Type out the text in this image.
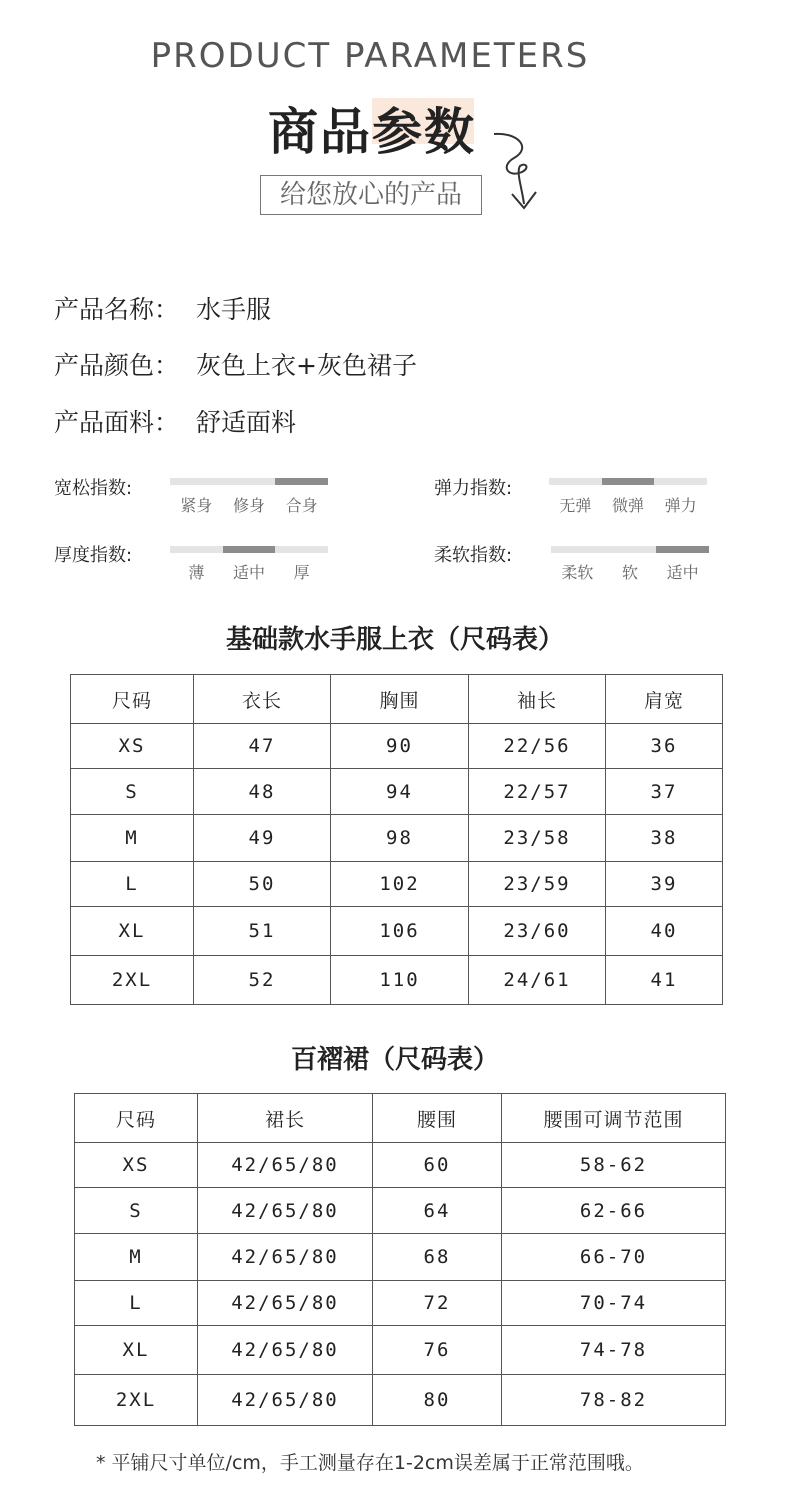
PRODUCT PARAMETERS
商品参数
给您放心的产品
产品名称： 水手服
产品颜色： 灰色上衣+灰色裙子
产品面料： 舒适面料
宽松指数:
紧身	修身	合身
弹力指数:
无弹	微弹	弹力
厚度指数:
薄	适中	厚
柔软指数:
柔软	软	适中
基础款水手服上衣（尺码表）
尺码	衣长	胸围	袖长	肩宽
XS	47	90	22/56	36
S	48	94	22/57	37
M	49	98	23/58	38
L	50	102	23/59	39
XL	51	106	23/60	40
2XL	52	110	24/61	41
百褶裙（尺码表）
尺码	裙长	腰围	腰围可调节范围
XS	42/65/80	60	58-62
S	42/65/80	64	62-66
M	42/65/80	68	66-70
L	42/65/80	72	70-74
XL	42/65/80	76	74-78
2XL	42/65/80	80	78-82
* 平铺尺寸单位/cm，手工测量存在1-2cm误差属于正常范围哦。
